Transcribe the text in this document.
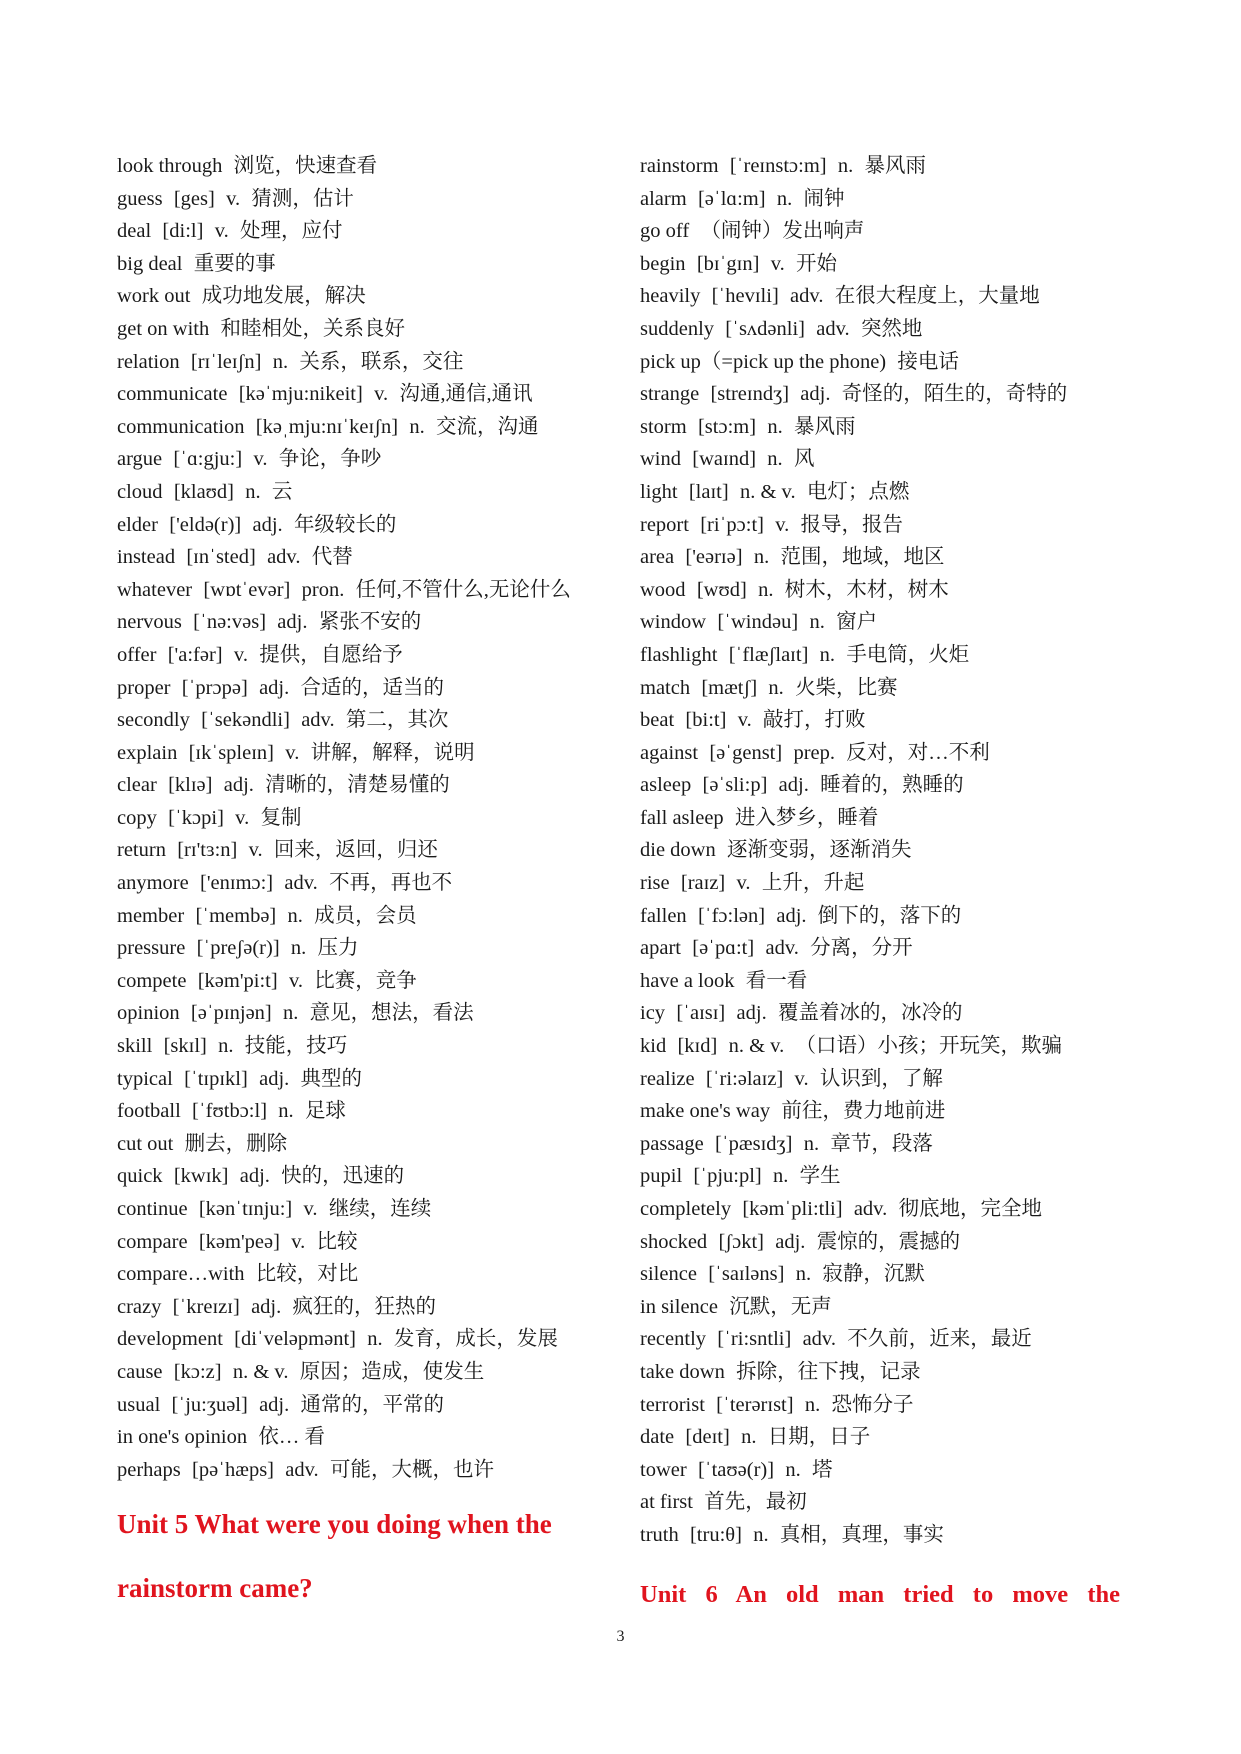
look through 浏览，快速查看
guess [ges] v. 猜测，估计
deal [di:l] v. 处理，应付
big deal 重要的事
work out 成功地发展，解决
get on with 和睦相处，关系良好
relation [rɪˈleɪʃn] n. 关系，联系，交往
communicate [kəˈmju:nikeit] v. 沟通,通信,通讯
communication [kəˌmju:nɪˈkeɪʃn] n. 交流，沟通
argue [ˈɑ:gju:] v. 争论，争吵
cloud [klaʊd] n. 云
elder ['eldə(r)] adj. 年级较长的
instead [ɪnˈsted] adv. 代替
whatever [wɒtˈevər] pron. 任何,不管什么,无论什么
nervous [ˈnə:vəs] adj. 紧张不安的
offer ['a:fər] v. 提供，自愿给予
proper [ˈprɔpə] adj. 合适的，适当的
secondly [ˈsekəndli] adv. 第二，其次
explain [ɪkˈspleɪn] v. 讲解，解释，说明
clear [klɪə] adj. 清晰的，清楚易懂的
copy [ˈkɔpi] v. 复制
return [rɪ'tɜ:n] v. 回来，返回，归还
anymore ['enɪmɔ:] adv. 不再，再也不
member [ˈmembə] n. 成员，会员
pressure [ˈpreʃə(r)] n. 压力
compete [kəm'pi:t] v. 比赛，竞争
opinion [əˈpɪnjən] n. 意见，想法，看法
skill [skɪl] n. 技能，技巧
typical [ˈtɪpɪkl] adj. 典型的
football [ˈfʊtbɔ:l] n. 足球
cut out 删去，删除
quick [kwɪk] adj. 快的，迅速的
continue [kənˈtɪnju:] v. 继续，连续
compare [kəm'peə] v. 比较
compare…with 比较，对比
crazy [ˈkreɪzɪ] adj. 疯狂的，狂热的
development [diˈveləpmənt] n. 发育，成长，发展
cause [kɔ:z] n. & v. 原因；造成，使发生
usual [ˈju:ʒuəl] adj. 通常的，平常的
in one's opinion 依… 看
perhaps [pəˈhæps] adv. 可能，大概，也许
rainstorm [ˈreɪnstɔ:m] n. 暴风雨
alarm [əˈlɑ:m] n. 闹钟
go off （闹钟）发出响声
begin [bɪˈgɪn] v. 开始
heavily [ˈhevɪli] adv. 在很大程度上，大量地
suddenly [ˈsʌdənli] adv. 突然地
pick up（=pick up the phone) 接电话
strange [streɪndʒ] adj. 奇怪的，陌生的，奇特的
storm [stɔ:m] n. 暴风雨
wind [waɪnd] n. 风
light [laɪt] n. & v. 电灯；点燃
report [riˈpɔ:t] v. 报导，报告
area ['eərɪə] n. 范围，地域，地区
wood [wʊd] n. 树木，木材，树木
window [ˈwindəu] n. 窗户
flashlight [ˈflæʃlaɪt] n. 手电筒，火炬
match [mætʃ] n. 火柴，比赛
beat [bi:t] v. 敲打，打败
against [əˈgenst] prep. 反对，对…不利
asleep [əˈsli:p] adj. 睡着的，熟睡的
fall asleep 进入梦乡，睡着
die down 逐渐变弱，逐渐消失
rise [raɪz] v. 上升，升起
fallen [ˈfɔ:lən] adj. 倒下的，落下的
apart [əˈpɑ:t] adv. 分离，分开
have a look 看一看
icy [ˈaɪsɪ] adj. 覆盖着冰的，冰冷的
kid [kɪd] n. & v. （口语）小孩；开玩笑，欺骗
realize [ˈri:əlaɪz] v. 认识到，了解
make one's way 前往，费力地前进
passage [ˈpæsɪdʒ] n. 章节，段落
pupil [ˈpju:pl] n. 学生
completely [kəmˈpli:tli] adv. 彻底地，完全地
shocked [ʃɔkt] adj. 震惊的，震撼的
silence [ˈsaɪləns] n. 寂静，沉默
in silence 沉默，无声
recently [ˈri:sntli] adv. 不久前，近来，最近
take down 拆除，往下拽，记录
terrorist [ˈterərɪst] n. 恐怖分子
date [deɪt] n. 日期，日子
tower [ˈtaʊə(r)] n. 塔
at first 首先，最初
truth [tru:θ] n. 真相，真理，事实
Unit 5 What were you doing when the rainstorm came?	Unit 6 An old man tried to move the
3
